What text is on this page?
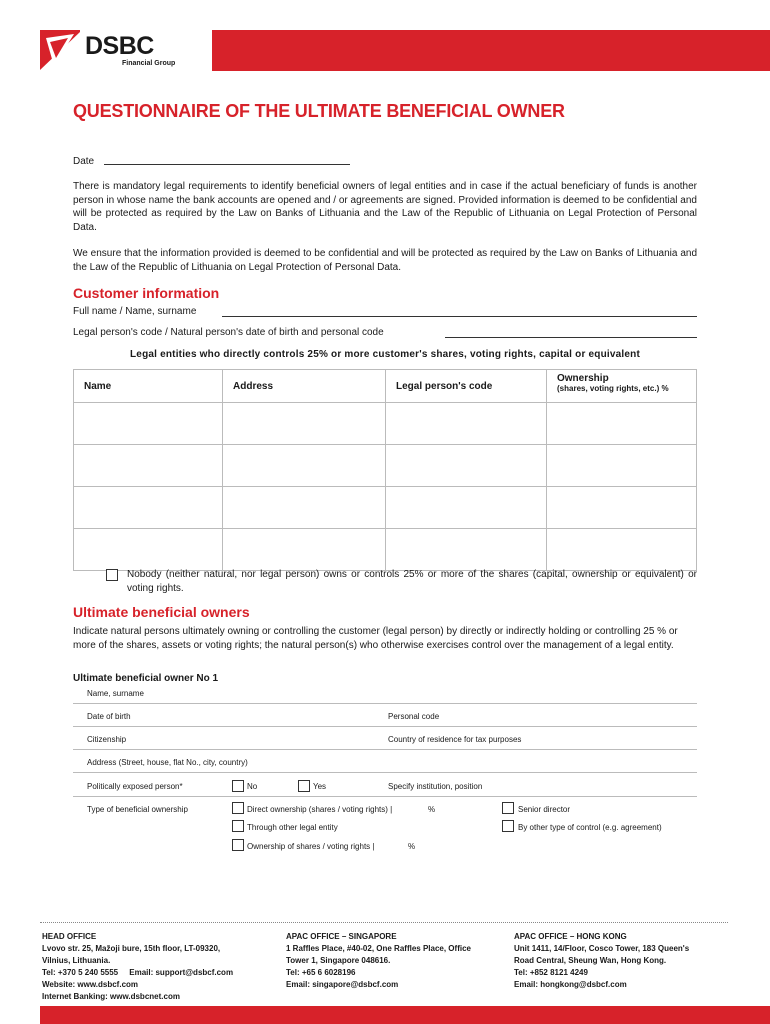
DSBC
Financial Group
QUESTIONNAIRE OF THE ULTIMATE BENEFICIAL OWNER
Date
There is mandatory legal requirements to identify beneficial owners of legal entities and in case if the actual beneficiary of funds is another person in whose name the bank accounts are opened and / or agreements are signed. Provided information is deemed to be confidential and will be protected as required by the Law on Banks of Lithuania and the Law of the Republic of Lithuania on Legal Protection of Personal Data.
We ensure that the information provided is deemed to be confidential and will be protected as required by the Law on Banks of Lithuania and the Law of the Republic of Lithuania on Legal Protection of Personal Data.
Customer information
Full name / Name, surname
Legal person's code / Natural person's date of birth and personal code
Legal entities who directly controls 25% or more customer's shares, voting rights, capital or equivalent
Name	Address	Legal person's code	Ownership
(shares, voting rights, etc.) %

Nobody (neither natural, nor legal person) owns or controls 25% or more of the shares (capital, ownership or equivalent) or voting rights.
Ultimate beneficial owners
Indicate natural persons ultimately owning or controlling the customer (legal person) by directly or indirectly holding or controlling 25 % or more of the shares, assets or voting rights; the natural person(s) who otherwise exercises control over the management of a legal entity.
Ultimate beneficial owner No 1
Name, surname
Date of birth	Personal code
Citizenship	Country of residence for tax purposes
Address (Street, house, flat No., city, country)
Politically exposed person*	No	Yes	Specify institution, position
Type of beneficial ownership	Direct ownership (shares / voting rights) |	%	Senior director
Through other legal entity	By other type of control (e.g. agreement)
Ownership of shares / voting rights |	%
HEAD OFFICE
Lvovo str. 25, Mažoji bure, 15th floor, LT-09320,
Vilnius, Lithuania.
Tel: +370 5 240 5555     Email: support@dsbcf.com
Website: www.dsbcf.com
Internet Banking: www.dsbcnet.com
APAC OFFICE – SINGAPORE
1 Raffles Place, #40-02, One Raffles Place, Office
Tower 1, Singapore 048616.
Tel: +65 6 6028196
Email: singapore@dsbcf.com
APAC OFFICE – HONG KONG
Unit 1411, 14/Floor, Cosco Tower, 183 Queen's
Road Central, Sheung Wan, Hong Kong.
Tel: +852 8121 4249
Email: hongkong@dsbcf.com
